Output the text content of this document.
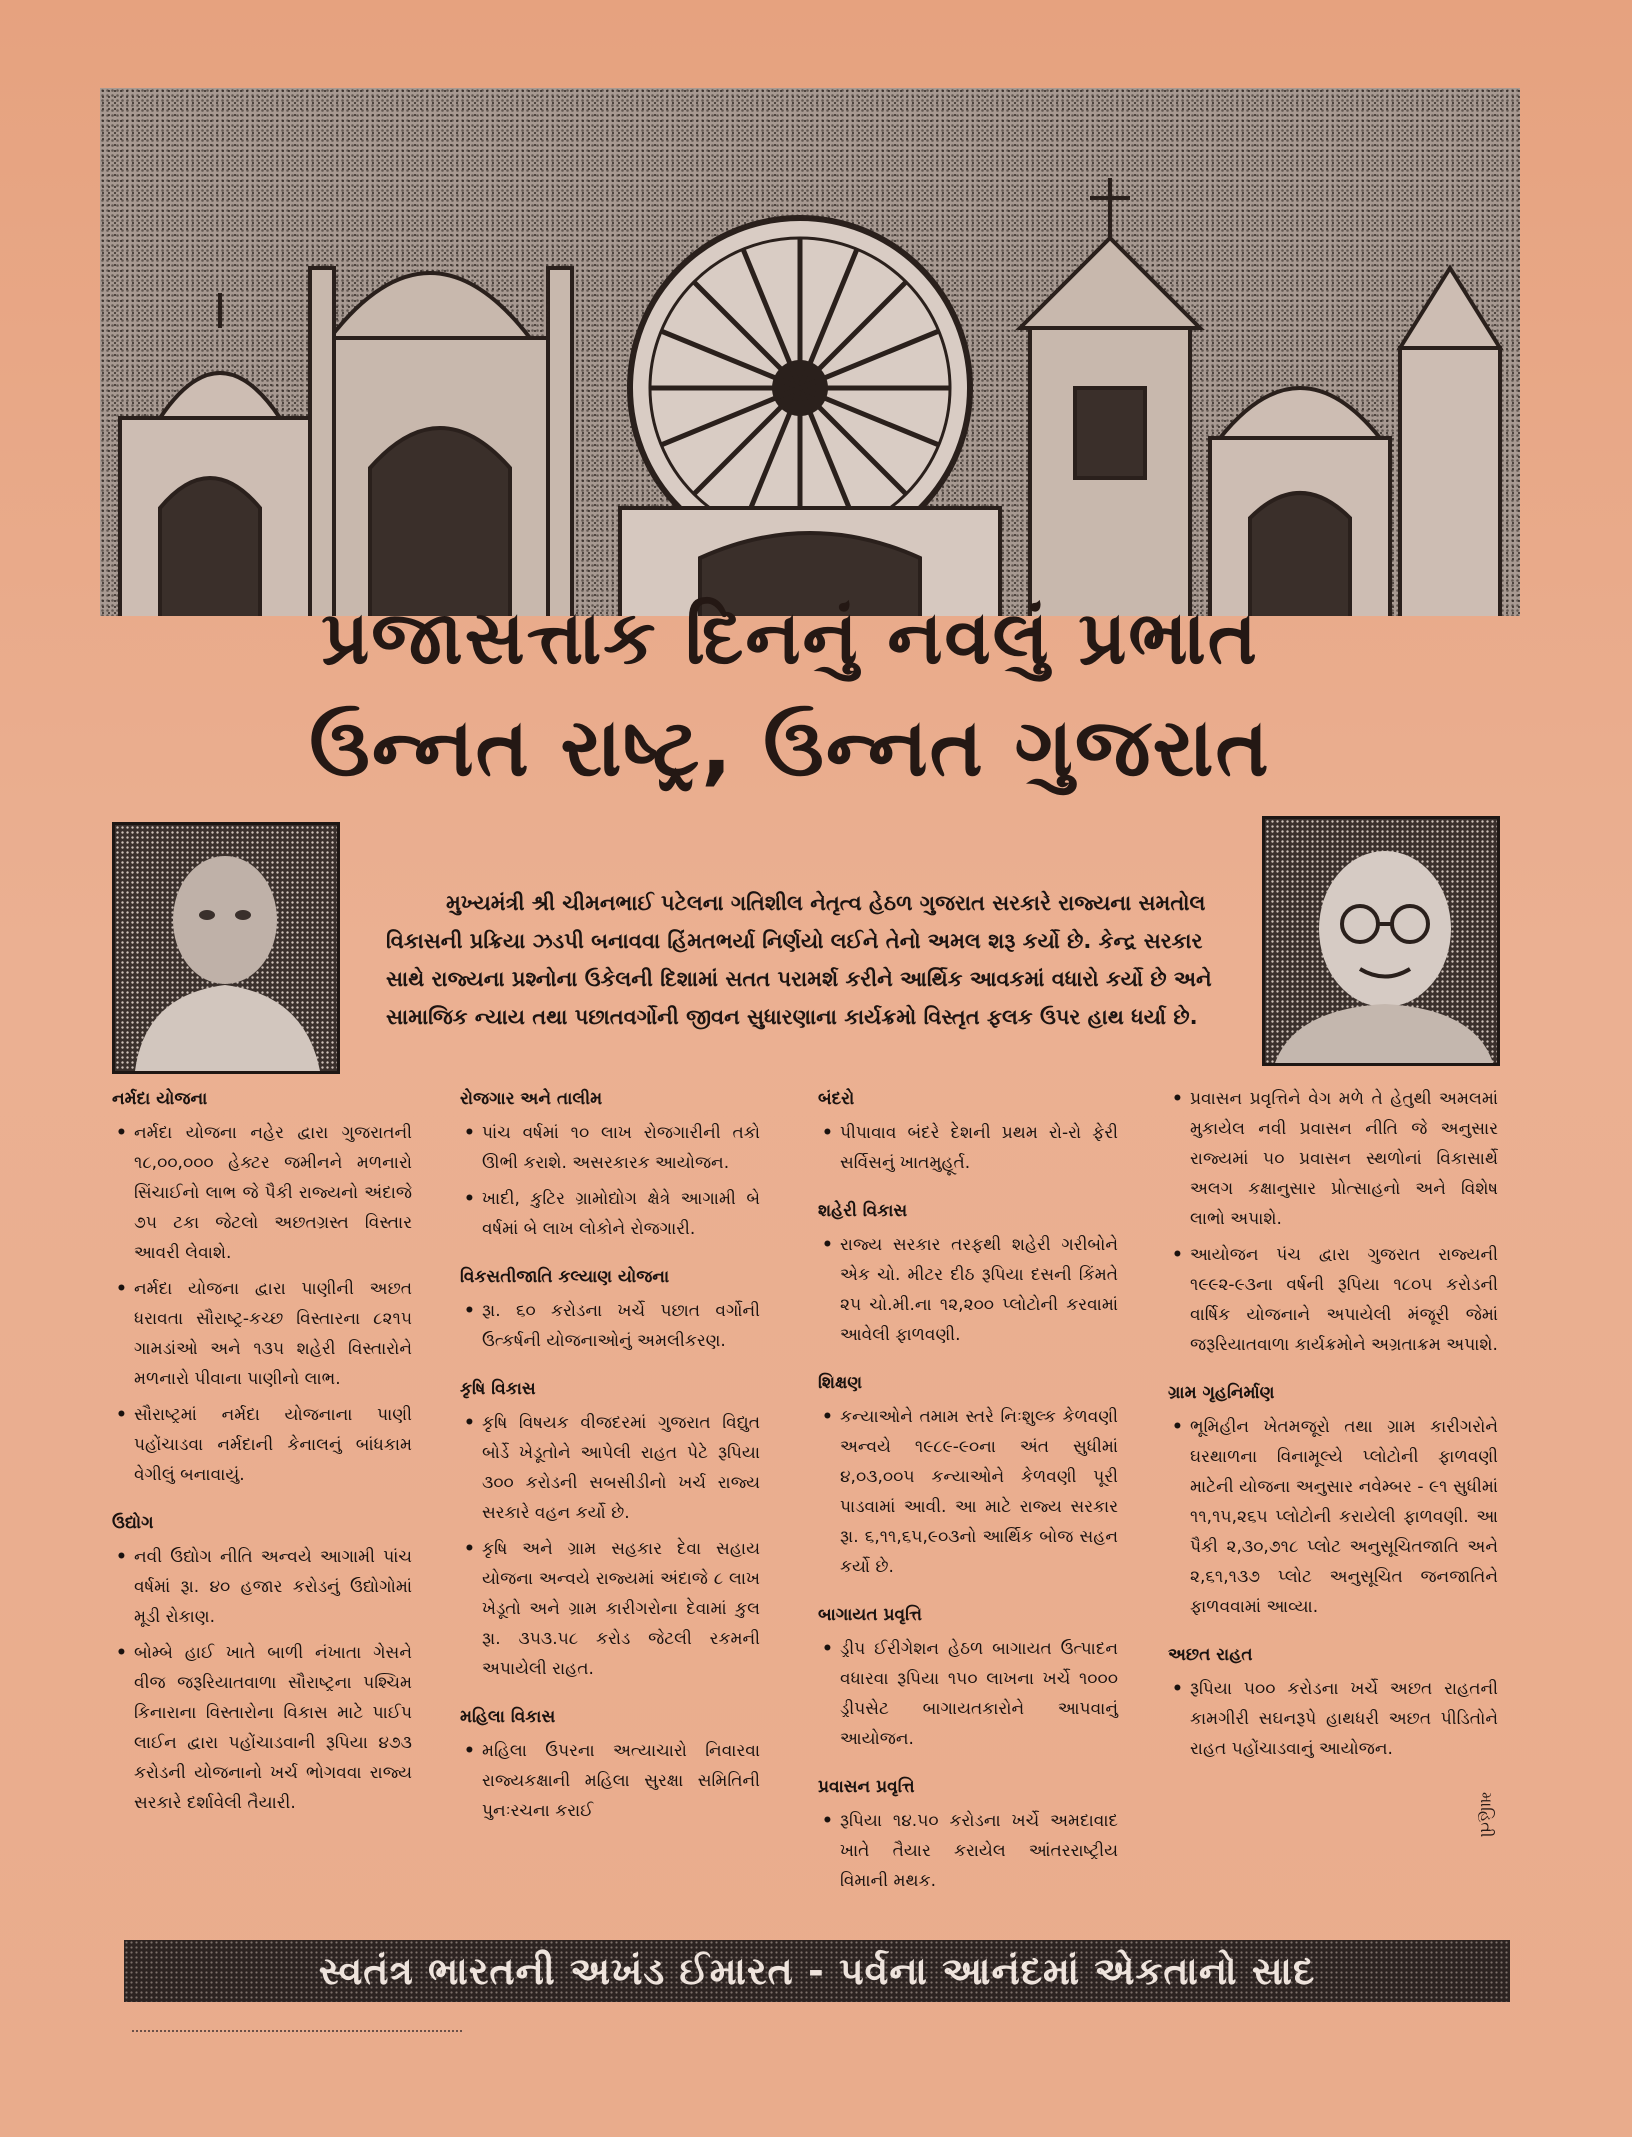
પ્રજાસત્તાક દિનનું નવલું પ્રભાત
ઉન્નત રાષ્ટ્ર, ઉન્નત ગુજરાત
મુખ્યમંત્રી શ્રી ચીમનભાઈ પટેલના ગતિશીલ નેતૃત્વ હેઠળ ગુજરાત સરકારે રાજ્યના સમતોલ વિકાસની પ્રક્રિયા ઝડપી બનાવવા હિંમતભર્યા નિર્ણયો લઈને તેનો અમલ શરૂ કર્યો છે. કેન્દ્ર સરકાર સાથે રાજ્યના પ્રશ્નોના ઉકેલની દિશામાં સતત પરામર્શ કરીને આર્થિક આવકમાં વધારો કર્યો છે અને સામાજિક ન્યાય તથા પછાતવર્ગોની જીવન સુધારણાના કાર્યક્રમો વિસ્તૃત ફલક ઉપર હાથ ધર્યા છે.
નર્મદા યોજના
• નર્મદા યોજના નહેર દ્વારા ગુજરાતની ૧૮,૦૦,૦૦૦ હેક્ટર જમીનને મળનારો સિંચાઈનો લાભ જે પૈકી રાજ્યનો અંદાજે ૭૫ ટકા જેટલો અછતગ્રસ્ત વિસ્તાર આવરી લેવાશે.
• નર્મદા યોજના દ્વારા પાણીની અછત ધરાવતા સૌરાષ્ટ્ર-કચ્છ વિસ્તારના ૮૨૧૫ ગામડાંઓ અને ૧૩૫ શહેરી વિસ્તારોને મળનારો પીવાના પાણીનો લાભ.
• સૌરાષ્ટ્રમાં નર્મદા યોજનાના પાણી પહોંચાડવા નર્મદાની કેનાલનું બાંધકામ વેગીલું બનાવાયું.
ઉદ્યોગ
• નવી ઉદ્યોગ નીતિ અન્વયે આગામી પાંચ વર્ષમાં રૂા. ૪૦ હજાર કરોડનું ઉદ્યોગોમાં મૂડી રોકાણ.
• બોમ્બે હાઈ ખાતે બાળી નંખાતા ગેસને વીજ જરૂરિયાતવાળા સૌરાષ્ટ્રના પશ્ચિમ કિનારાના વિસ્તારોના વિકાસ માટે પાઈપ લાઈન દ્વારા પહોંચાડવાની રૂપિયા ૪૭૩ કરોડની યોજનાનો ખર્ચ ભોગવવા રાજ્ય સરકારે દર્શાવેલી તૈયારી.
રોજગાર અને તાલીમ
• પાંચ વર્ષમાં ૧૦ લાખ રોજગારીની તકો ઊભી કરાશે. અસરકારક આયોજન.
• ખાદી, કુટિર ગ્રામોદ્યોગ ક્ષેત્રે આગામી બે વર્ષમાં બે લાખ લોકોને રોજગારી.
વિકસતીજાતિ કલ્યાણ યોજના
• રૂા. ૬૦ કરોડના ખર્ચે પછાત વર્ગોની ઉત્કર્ષની યોજનાઓનું અમલીકરણ.
કૃષિ વિકાસ
• કૃષિ વિષયક વીજદરમાં ગુજરાત વિદ્યુત બોર્ડે ખેડૂતોને આપેલી રાહત પેટે રૂપિયા ૩૦૦ કરોડની સબસીડીનો ખર્ચ રાજ્ય સરકારે વહન કર્યો છે.
• કૃષિ અને ગ્રામ સહકાર દેવા સહાય યોજના અન્વયે રાજ્યમાં અંદાજે ૮ લાખ ખેડૂતો અને ગ્રામ કારીગરોના દેવામાં કુલ રૂા. ૩૫૩.૫૮ કરોડ જેટલી રકમની અપાયેલી રાહત.
મહિલા વિકાસ
• મહિલા ઉપરના અત્યાચારો નિવારવા રાજ્યકક્ષાની મહિલા સુરક્ષા સમિતિની પુનઃરચના કરાઈ
બંદરો
• પીપાવાવ બંદરે દેશની પ્રથમ રો-રો ફેરી સર્વિસનું ખાતમુહૂર્ત.
શહેરી વિકાસ
• રાજ્ય સરકાર તરફથી શહેરી ગરીબોને એક ચો. મીટર દીઠ રૂપિયા દસની કિંમતે ૨૫ ચો.મી.ના ૧૨,૨૦૦ પ્લોટોની કરવામાં આવેલી ફાળવણી.
શિક્ષણ
• કન્યાઓને તમામ સ્તરે નિઃશુલ્ક કેળવણી અન્વયે ૧૯૮૯-૯૦ના અંત સુધીમાં ૪,૦૩,૦૦૫ કન્યાઓને કેળવણી પૂરી પાડવામાં આવી. આ માટે રાજ્ય સરકાર રૂા. ૬,૧૧,૬૫,૯૦૩નો આર્થિક બોજ સહન કર્યો છે.
બાગાયત પ્રવૃત્તિ
• ડ્રીપ ઈરીગેશન હેઠળ બાગાયત ઉત્પાદન વધારવા રૂપિયા ૧૫૦ લાખના ખર્ચે ૧૦૦૦ ડ્રીપસેટ બાગાયતકારોને આપવાનું આયોજન.
પ્રવાસન પ્રવૃત્તિ
• રૂપિયા ૧૪.૫૦ કરોડના ખર્ચે અમદાવાદ ખાતે તૈયાર કરાયેલ આંતરરાષ્ટ્રીય વિમાની મથક.
• પ્રવાસન પ્રવૃત્તિને વેગ મળે તે હેતુથી અમલમાં મુકાયેલ નવી પ્રવાસન નીતિ જે અનુસાર રાજ્યમાં ૫૦ પ્રવાસન સ્થળોનાં વિકાસાર્થે અલગ કક્ષાનુસાર પ્રોત્સાહનો અને વિશેષ લાભો અપાશે.
• આયોજન પંચ દ્વારા ગુજરાત રાજ્યની ૧૯૯૨-૯૩ના વર્ષની રૂપિયા ૧૮૦૫ કરોડની વાર્ષિક યોજનાને અપાયેલી મંજૂરી જેમાં જરૂરિયાતવાળા કાર્યક્રમોને અગ્રતાક્રમ અપાશે.
ગ્રામ ગૃહનિર્માણ
• ભૂમિહીન ખેતમજૂરો તથા ગ્રામ કારીગરોને ઘરથાળના વિનામૂલ્યે પ્લોટોની ફાળવણી માટેની યોજના અનુસાર નવેમ્બર - ૯૧ સુધીમાં ૧૧,૧૫,૨૬૫ પ્લોટોની કરાયેલી ફાળવણી. આ પૈકી ૨,૩૦,૭૧૮ પ્લોટ અનુસૂચિતજાતિ અને ૨,૬૧,૧૩૭ પ્લોટ અનુસૂચિત જનજાતિને ફાળવવામાં આવ્યા.
અછત રાહત
• રૂપિયા ૫૦૦ કરોડના ખર્ચે અછત રાહતની કામગીરી સઘનરૂપે હાથધરી અછત પીડિતોને રાહત પહોંચાડવાનું આયોજન.
માહિતી
સ્વતંત્ર ભારતની અખંડ ઈમારત - પર્વના આનંદમાં એકતાનો સાદ
